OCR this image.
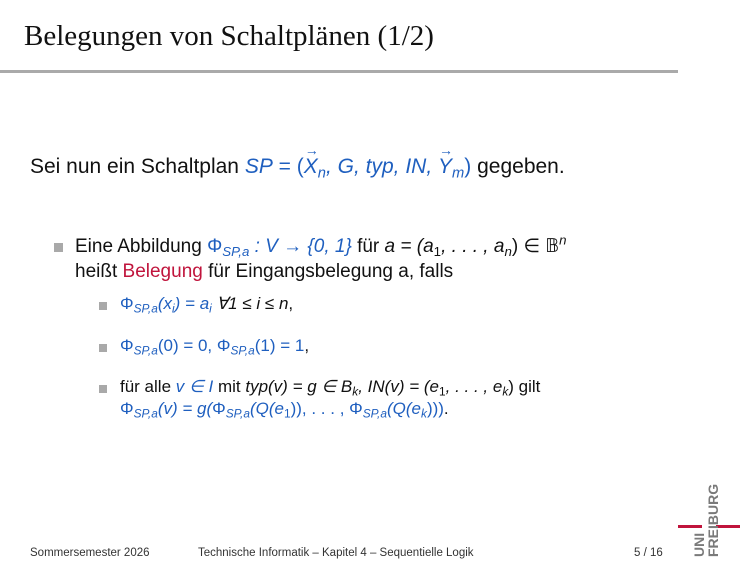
Belegungen von Schaltplänen (1/2)
Sei nun ein Schaltplan SP = (
→
$X_n$, G, typ, IN,
→
$Y_m$) gegeben.
Eine Abbildung $\Phi_{SP,a}$ : V → {0, 1} für $a = (a_1$, . . . , $a_n$) ∈ 𝔹$^n$
heißt Belegung für Eingangsbelegung a, falls
$\Phi_{SP,a}(x_i) = a_i$ ∀1 ≤ i ≤ n,
$\Phi_{SP,a}(0) = 0$, $\Phi_{SP,a}(1) = 1$,
für alle v ∈ I mit typ(v) = g ∈ $B_k$, $IN(v) = (e_1$, . . . , $e_k$) gilt
$\Phi_{SP,a}(v) = g(\Phi_{SP,a}(Q(e_1))$, . . . , $\Phi_{SP,a}(Q(e_k))$).
Sommersemester 2026	Technische Informatik – Kapitel 4 – Sequentielle Logik	5 / 16 UNI
FREIBURG
